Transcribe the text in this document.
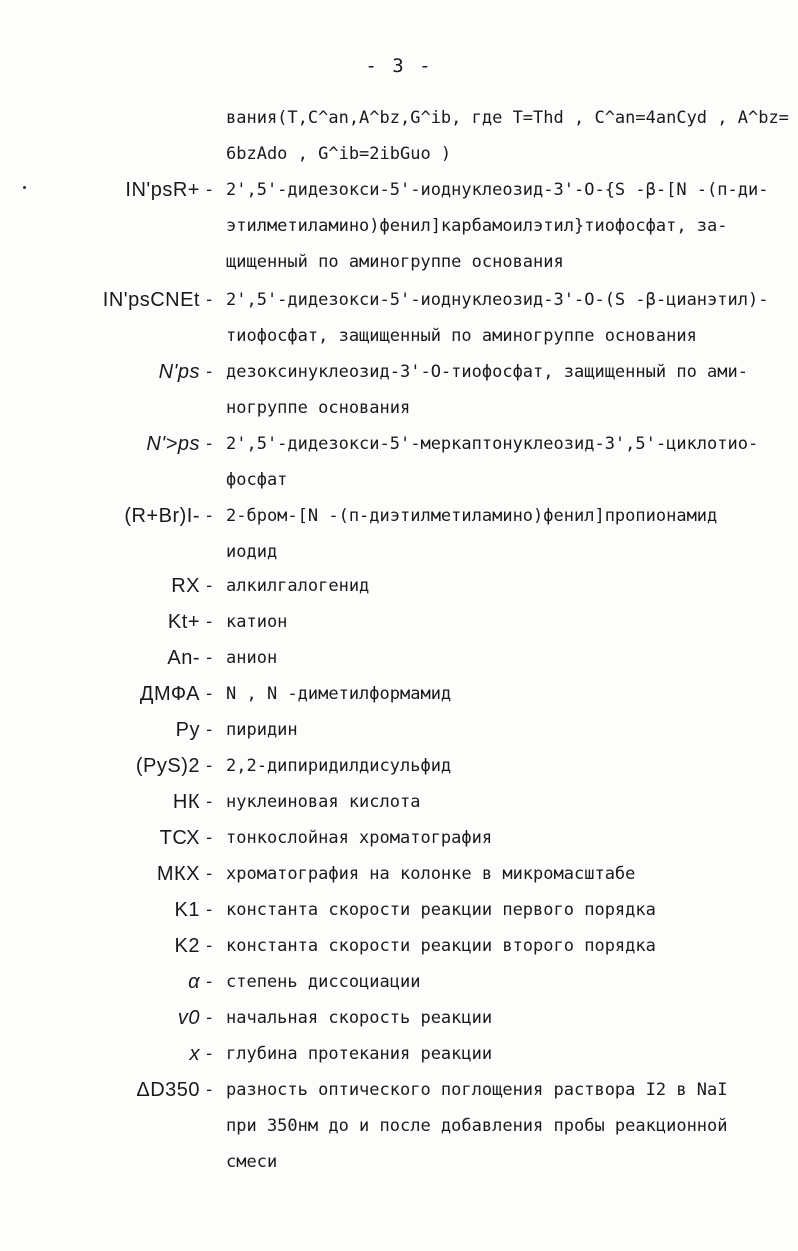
- 3 -
вания(T,C^an,A^bz,G^ib, где T=Thd , C^an=4anCyd , A^bz=
6bzAdo , G^ib=2ibGuo )
IN'psR+ - 2',5'-дидезокси-5'-иоднуклеозид-3'-О-{S -β-[N -(п-ди-
этилметиламино)фенил]карбамоилэтил}тиофосфат, за-
щищенный по аминогруппе основания
IN'psCNEt - 2',5'-дидезокси-5'-иоднуклеозид-3'-О-(S -β-цианэтил)-
тиофосфат, защищенный по аминогруппе основания
N'ps - дезоксинуклеозид-3'-О-тиофосфат, защищенный по ами-
ногруппе основания
N'>ps - 2',5'-дидезокси-5'-меркаптонуклеозид-3',5'-циклотио-
фосфат
(R+Br)I- - 2-бром-[N -(п-диэтилметиламино)фенил]пропионамид
иодид
RX - алкилгалогенид
Kt+ - катион
An- - анион
ДМФА - N , N -диметилформамид
Py - пиридин
(PyS)2 - 2,2-дипиридилдисульфид
НК - нуклеиновая кислота
ТСХ - тонкослойная хроматография
МКХ - хроматография на колонке в микромасштабе
K1 - константа скорости реакции первого порядка
K2 - константа скорости реакции второго порядка
α - степень диссоциации
v0 - начальная скорость реакции
x - глубина протекания реакции
ΔD350 - разность оптического поглощения раствора I2 в NaI
при 350нм до и после добавления пробы реакционной
смеси
